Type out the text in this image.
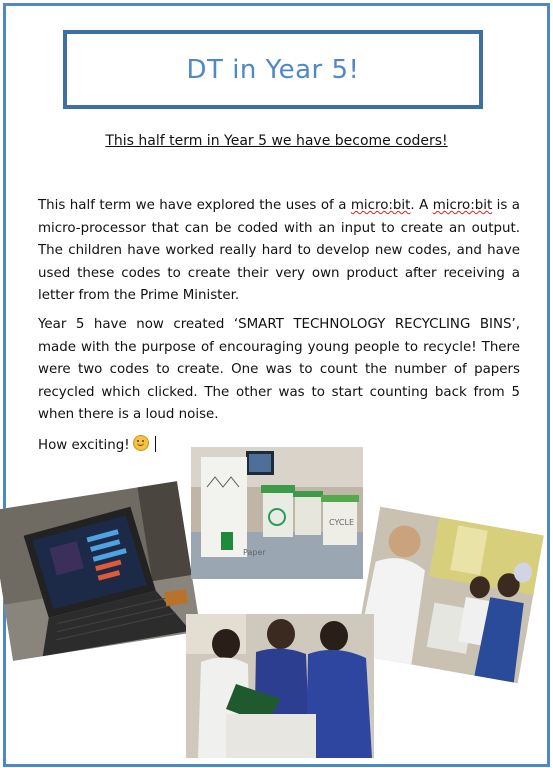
DT in Year 5!
This half term in Year 5 we have become coders!

This half term we have explored the uses of a micro:bit. A micro:bit is a micro-processor that can be coded with an input to create an output. The children have worked really hard to develop new codes, and have used these codes to create their very own product after receiving a letter from the Prime Minister.

Year 5 have now created ‘SMART TECHNOLOGY RECYCLING BINS’, made with the purpose of encouraging young people to recycle! There were two codes to create. One was to count the number of papers recycled which clicked. The other was to start counting back from 5 when there is a loud noise.

How exciting!

Paper
CYCLE
